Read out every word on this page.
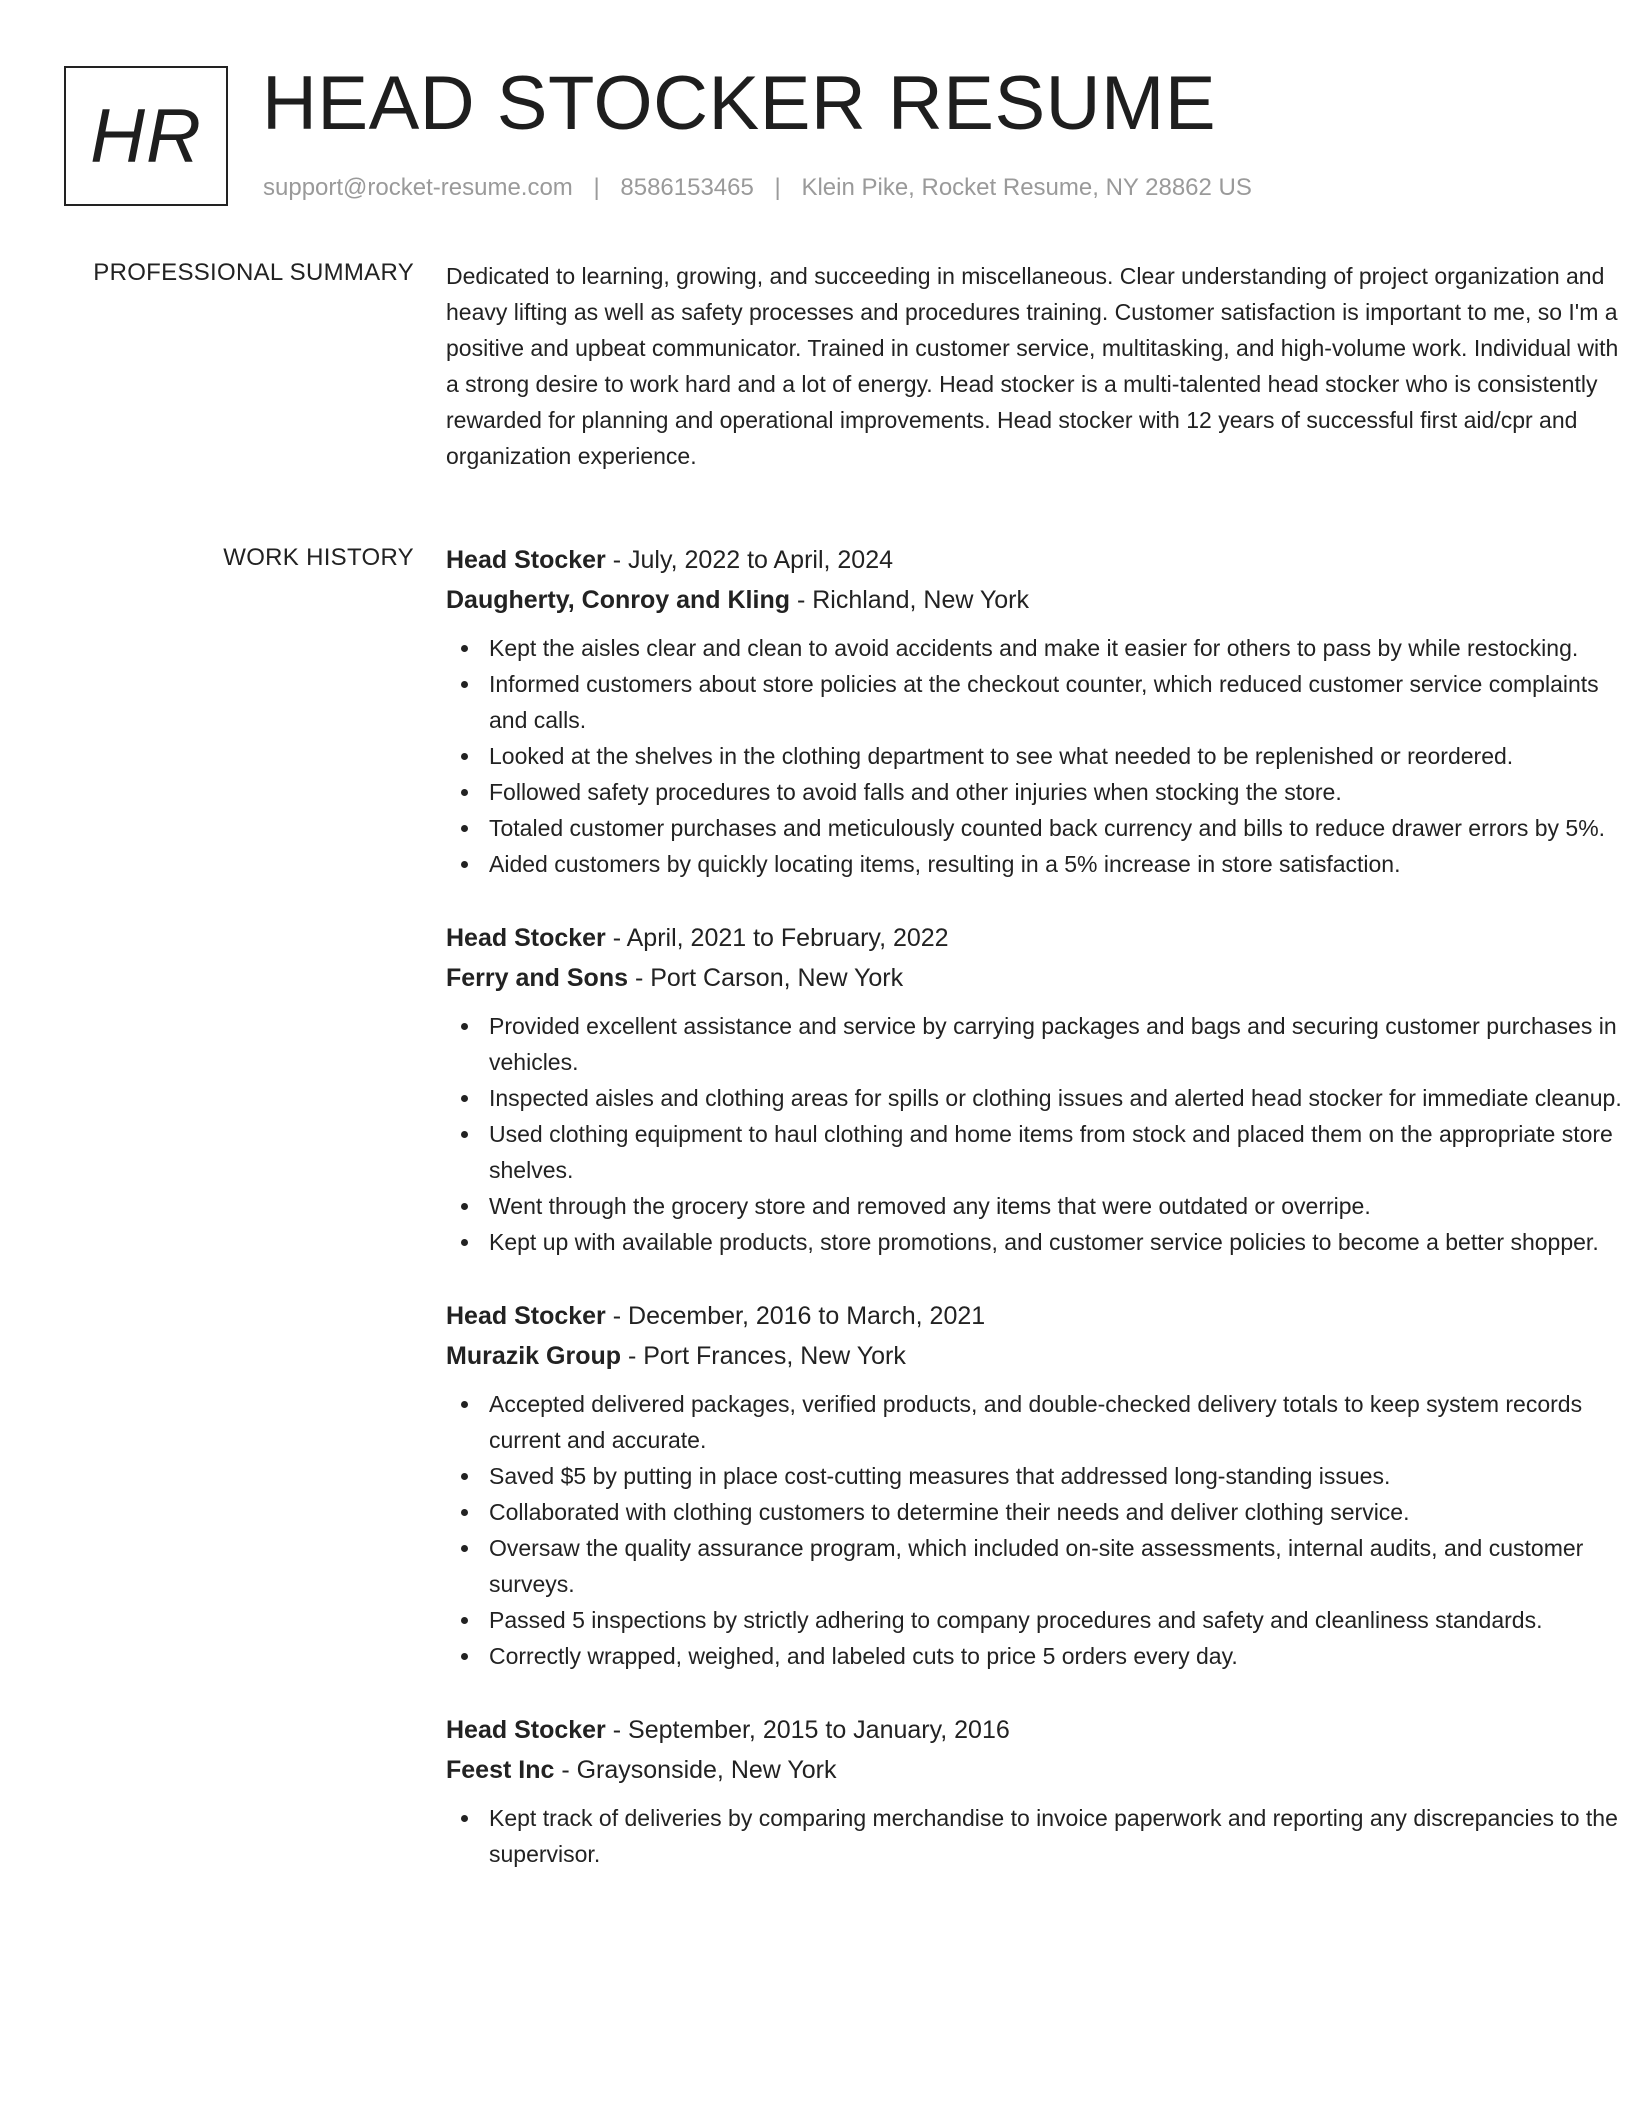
HR HEAD STOCKER RESUME
support@rocket-resume.com | 8586153465 | Klein Pike, Rocket Resume, NY 28862 US
PROFESSIONAL SUMMARY Dedicated to learning, growing, and succeeding in miscellaneous. Clear understanding of project organization and heavy lifting as well as safety processes and procedures training. Customer satisfaction is important to me, so I'm a positive and upbeat communicator. Trained in customer service, multitasking, and high-volume work. Individual with a strong desire to work hard and a lot of energy. Head stocker is a multi-talented head stocker who is consistently rewarded for planning and operational improvements. Head stocker with 12 years of successful first aid/cpr and organization experience.

WORK HISTORY Head Stocker - July, 2022 to April, 2024
Daugherty, Conroy and Kling - Richland, New York
Kept the aisles clear and clean to avoid accidents and make it easier for others to pass by while restocking.
Informed customers about store policies at the checkout counter, which reduced customer service complaints and calls.
Looked at the shelves in the clothing department to see what needed to be replenished or reordered.
Followed safety procedures to avoid falls and other injuries when stocking the store.
Totaled customer purchases and meticulously counted back currency and bills to reduce drawer errors by 5%.
Aided customers by quickly locating items, resulting in a 5% increase in store satisfaction.
Head Stocker - April, 2021 to February, 2022
Ferry and Sons - Port Carson, New York
Provided excellent assistance and service by carrying packages and bags and securing customer purchases in vehicles.
Inspected aisles and clothing areas for spills or clothing issues and alerted head stocker for immediate cleanup.
Used clothing equipment to haul clothing and home items from stock and placed them on the appropriate store shelves.
Went through the grocery store and removed any items that were outdated or overripe.
Kept up with available products, store promotions, and customer service policies to become a better shopper.
Head Stocker - December, 2016 to March, 2021
Murazik Group - Port Frances, New York
Accepted delivered packages, verified products, and double-checked delivery totals to keep system records current and accurate.
Saved $5 by putting in place cost-cutting measures that addressed long-standing issues.
Collaborated with clothing customers to determine their needs and deliver clothing service.
Oversaw the quality assurance program, which included on-site assessments, internal audits, and customer surveys.
Passed 5 inspections by strictly adhering to company procedures and safety and cleanliness standards.
Correctly wrapped, weighed, and labeled cuts to price 5 orders every day.
Head Stocker - September, 2015 to January, 2016
Feest Inc - Graysonside, New York
Kept track of deliveries by comparing merchandise to invoice paperwork and reporting any discrepancies to the supervisor.
